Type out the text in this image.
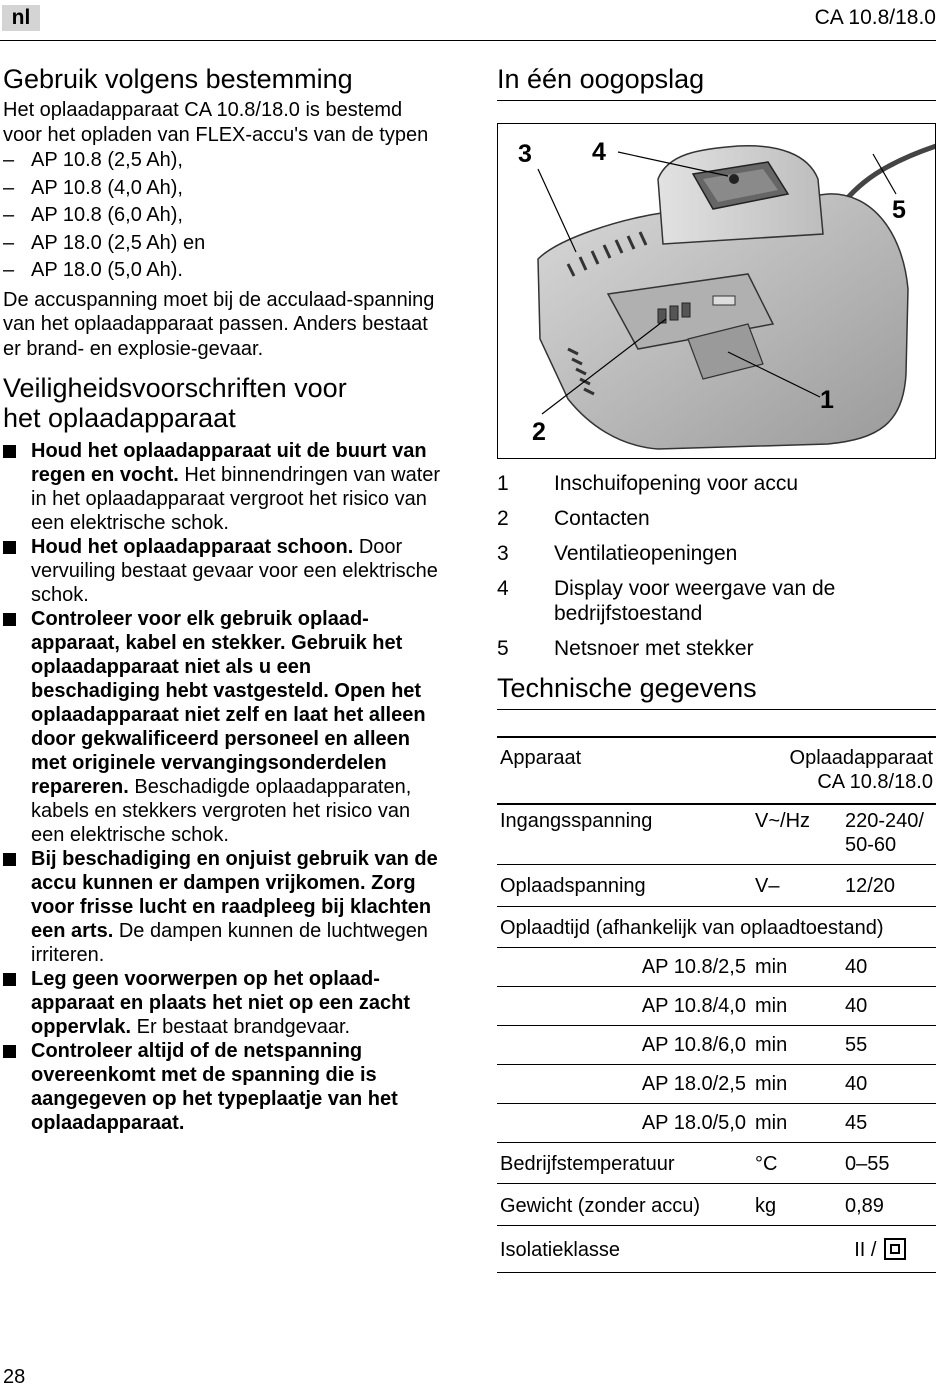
nl	CA 10.8/18.0
Gebruik volgens bestemming

Het oplaadapparaat CA 10.8/18.0 is bestemd voor het opladen van FLEX-accu's van de typen

– AP 10.8 (2,5 Ah),
– AP 10.8 (4,0 Ah),
– AP 10.8 (6,0 Ah),
– AP 18.0 (2,5 Ah) en
– AP 18.0 (5,0 Ah).

De accuspanning moet bij de acculaad-spanning van het oplaadapparaat passen. Anders bestaat er brand- en explosie-gevaar.

Veiligheidsvoorschriften voor
het oplaadapparaat
Houd het oplaadapparaat uit de buurt van regen en vocht. Het binnendringen van water in het oplaadapparaat vergroot het risico van een elektrische schok.
Houd het oplaadapparaat schoon. Door vervuiling bestaat gevaar voor een elektrische schok.
Controleer voor elk gebruik oplaad-apparaat, kabel en stekker. Gebruik het oplaadapparaat niet als u een beschadiging hebt vastgesteld. Open het oplaadapparaat niet zelf en laat het alleen door gekwalificeerd personeel en alleen met originele vervangingsonderdelen repareren. Beschadigde oplaadapparaten, kabels en stekkers vergroten het risico van een elektrische schok.
Bij beschadiging en onjuist gebruik van de accu kunnen er dampen vrijkomen. Zorg voor frisse lucht en raadpleeg bij klachten een arts. De dampen kunnen de luchtwegen irriteren.
Leg geen voorwerpen op het oplaad-apparaat en plaats het niet op een zacht oppervlak. Er bestaat brandgevaar.
Controleer altijd of de netspanning overeenkomt met de spanning die is aangegeven op het typeplaatje van het oplaadapparaat.
In één oogopslag
3 4
5
1
2
1	Inschuifopening voor accu
2	Contacten
3	Ventilatieopeningen
4	Display voor weergave van de bedrijfstoestand
5	Netsnoer met stekker
Technische gegevens
Apparaat	Oplaadapparaat
CA 10.8/18.0	
Ingangsspanning	V~/Hz	220-240/
50-60
Oplaadspanning	V–	12/20
Oplaadtijd (afhankelijk van oplaadtoestand)		
AP 10.8/2,5	min	40
AP 10.8/4,0	min	40
AP 10.8/6,0	min	55
AP 18.0/2,5	min	40
AP 18.0/5,0	min	45
Bedrijfstemperatuur	°C	0–55
Gewicht (zonder accu)	kg	0,89
Isolatieklasse	II /	
28
